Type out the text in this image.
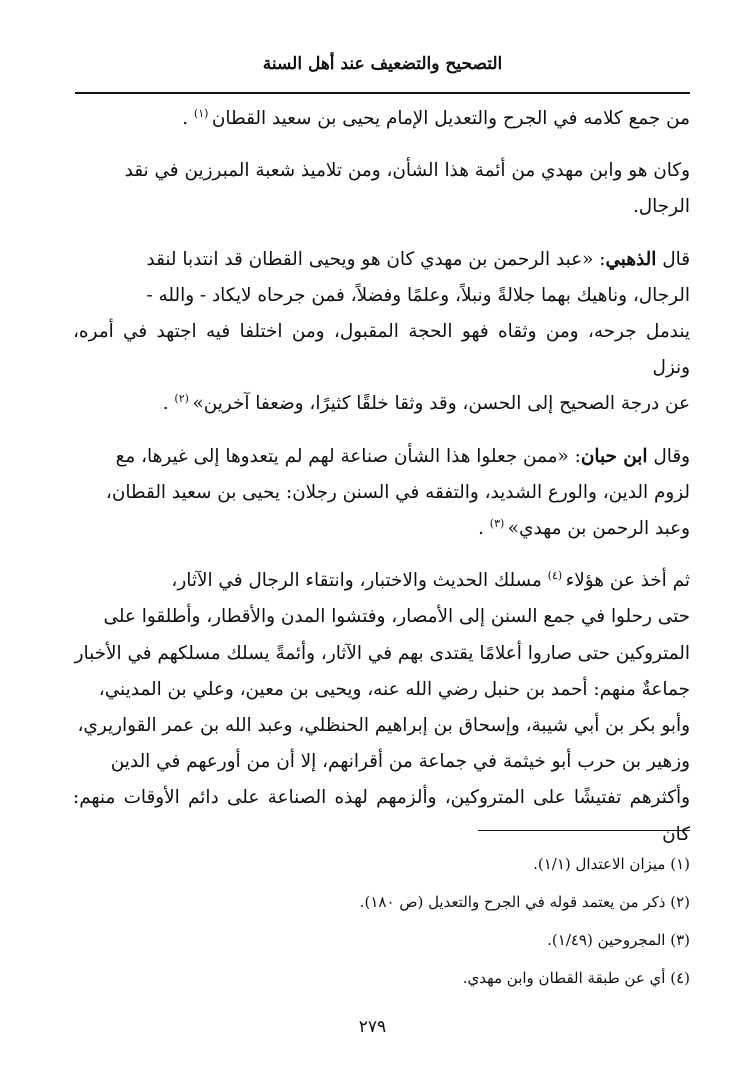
التصحيح والتضعيف عند أهل السنة

من جمع كلامه في الجرح والتعديل الإمام يحيى بن سعيد القطان $^{(١)}$ .

وكان هو وابن مهدي من أئمة هذا الشأن، ومن تلاميذ شعبة المبرزين في نقد
الرجال.

قال الذهبي: «عبد الرحمن بن مهدي كان هو ويحيى القطان قد انتدبا لنقد
الرجال، وناهيك بهما جلالةً ونبلاً، وعلمًا وفضلاً، فمن جرحاه لايكاد - والله -
يندمل جرحه، ومن وثقاه فهو الحجة المقبول، ومن اختلفا فيه اجتهد في أمره، ونزل
عن درجة الصحيح إلى الحسن، وقد وثقا خلقًا كثيرًا، وضعفا آخرين» $^{(٢)}$ .

وقال ابن حبان: «ممن جعلوا هذا الشأن صناعة لهم لم يتعدوها إلى غيرها، مع
لزوم الدين، والورع الشديد، والتفقه في السنن رجلان: يحيى بن سعيد القطان،
وعبد الرحمن بن مهدي» $^{(٣)}$ .

ثم أخذ عن هؤلاء $^{(٤)}$ مسلك الحديث والاختبار، وانتقاء الرجال في الآثار،
حتى رحلوا في جمع السنن إلى الأمصار، وفتشوا المدن والأقطار، وأطلقوا على
المتروكين حتى صاروا أعلامًا يقتدى بهم في الآثار، وأئمةً يسلك مسلكهم في الأخبار
جماعةٌ منهم: أحمد بن حنبل رضي الله عنه، ويحيى بن معين، وعلي بن المديني،
وأبو بكر بن أبي شيبة، وإسحاق بن إبراهيم الحنظلي، وعبد الله بن عمر القواريري،
وزهير بن حرب أبو خيثمة في جماعة من أقرانهم، إلا أن من أورعهم في الدين
وأكثرهم تفتيشًا على المتروكين، وألزمهم لهذه الصناعة على دائم الأوقات منهم: كان

(١) ميزان الاعتدال (١/١).
(٢) ذكر من يعتمد قوله في الجرح والتعديل (ص ١٨٠).
(٣) المجروحين (١/٤٩).
(٤) أي عن طبقة القطان وابن مهدي.
٢٧٩
